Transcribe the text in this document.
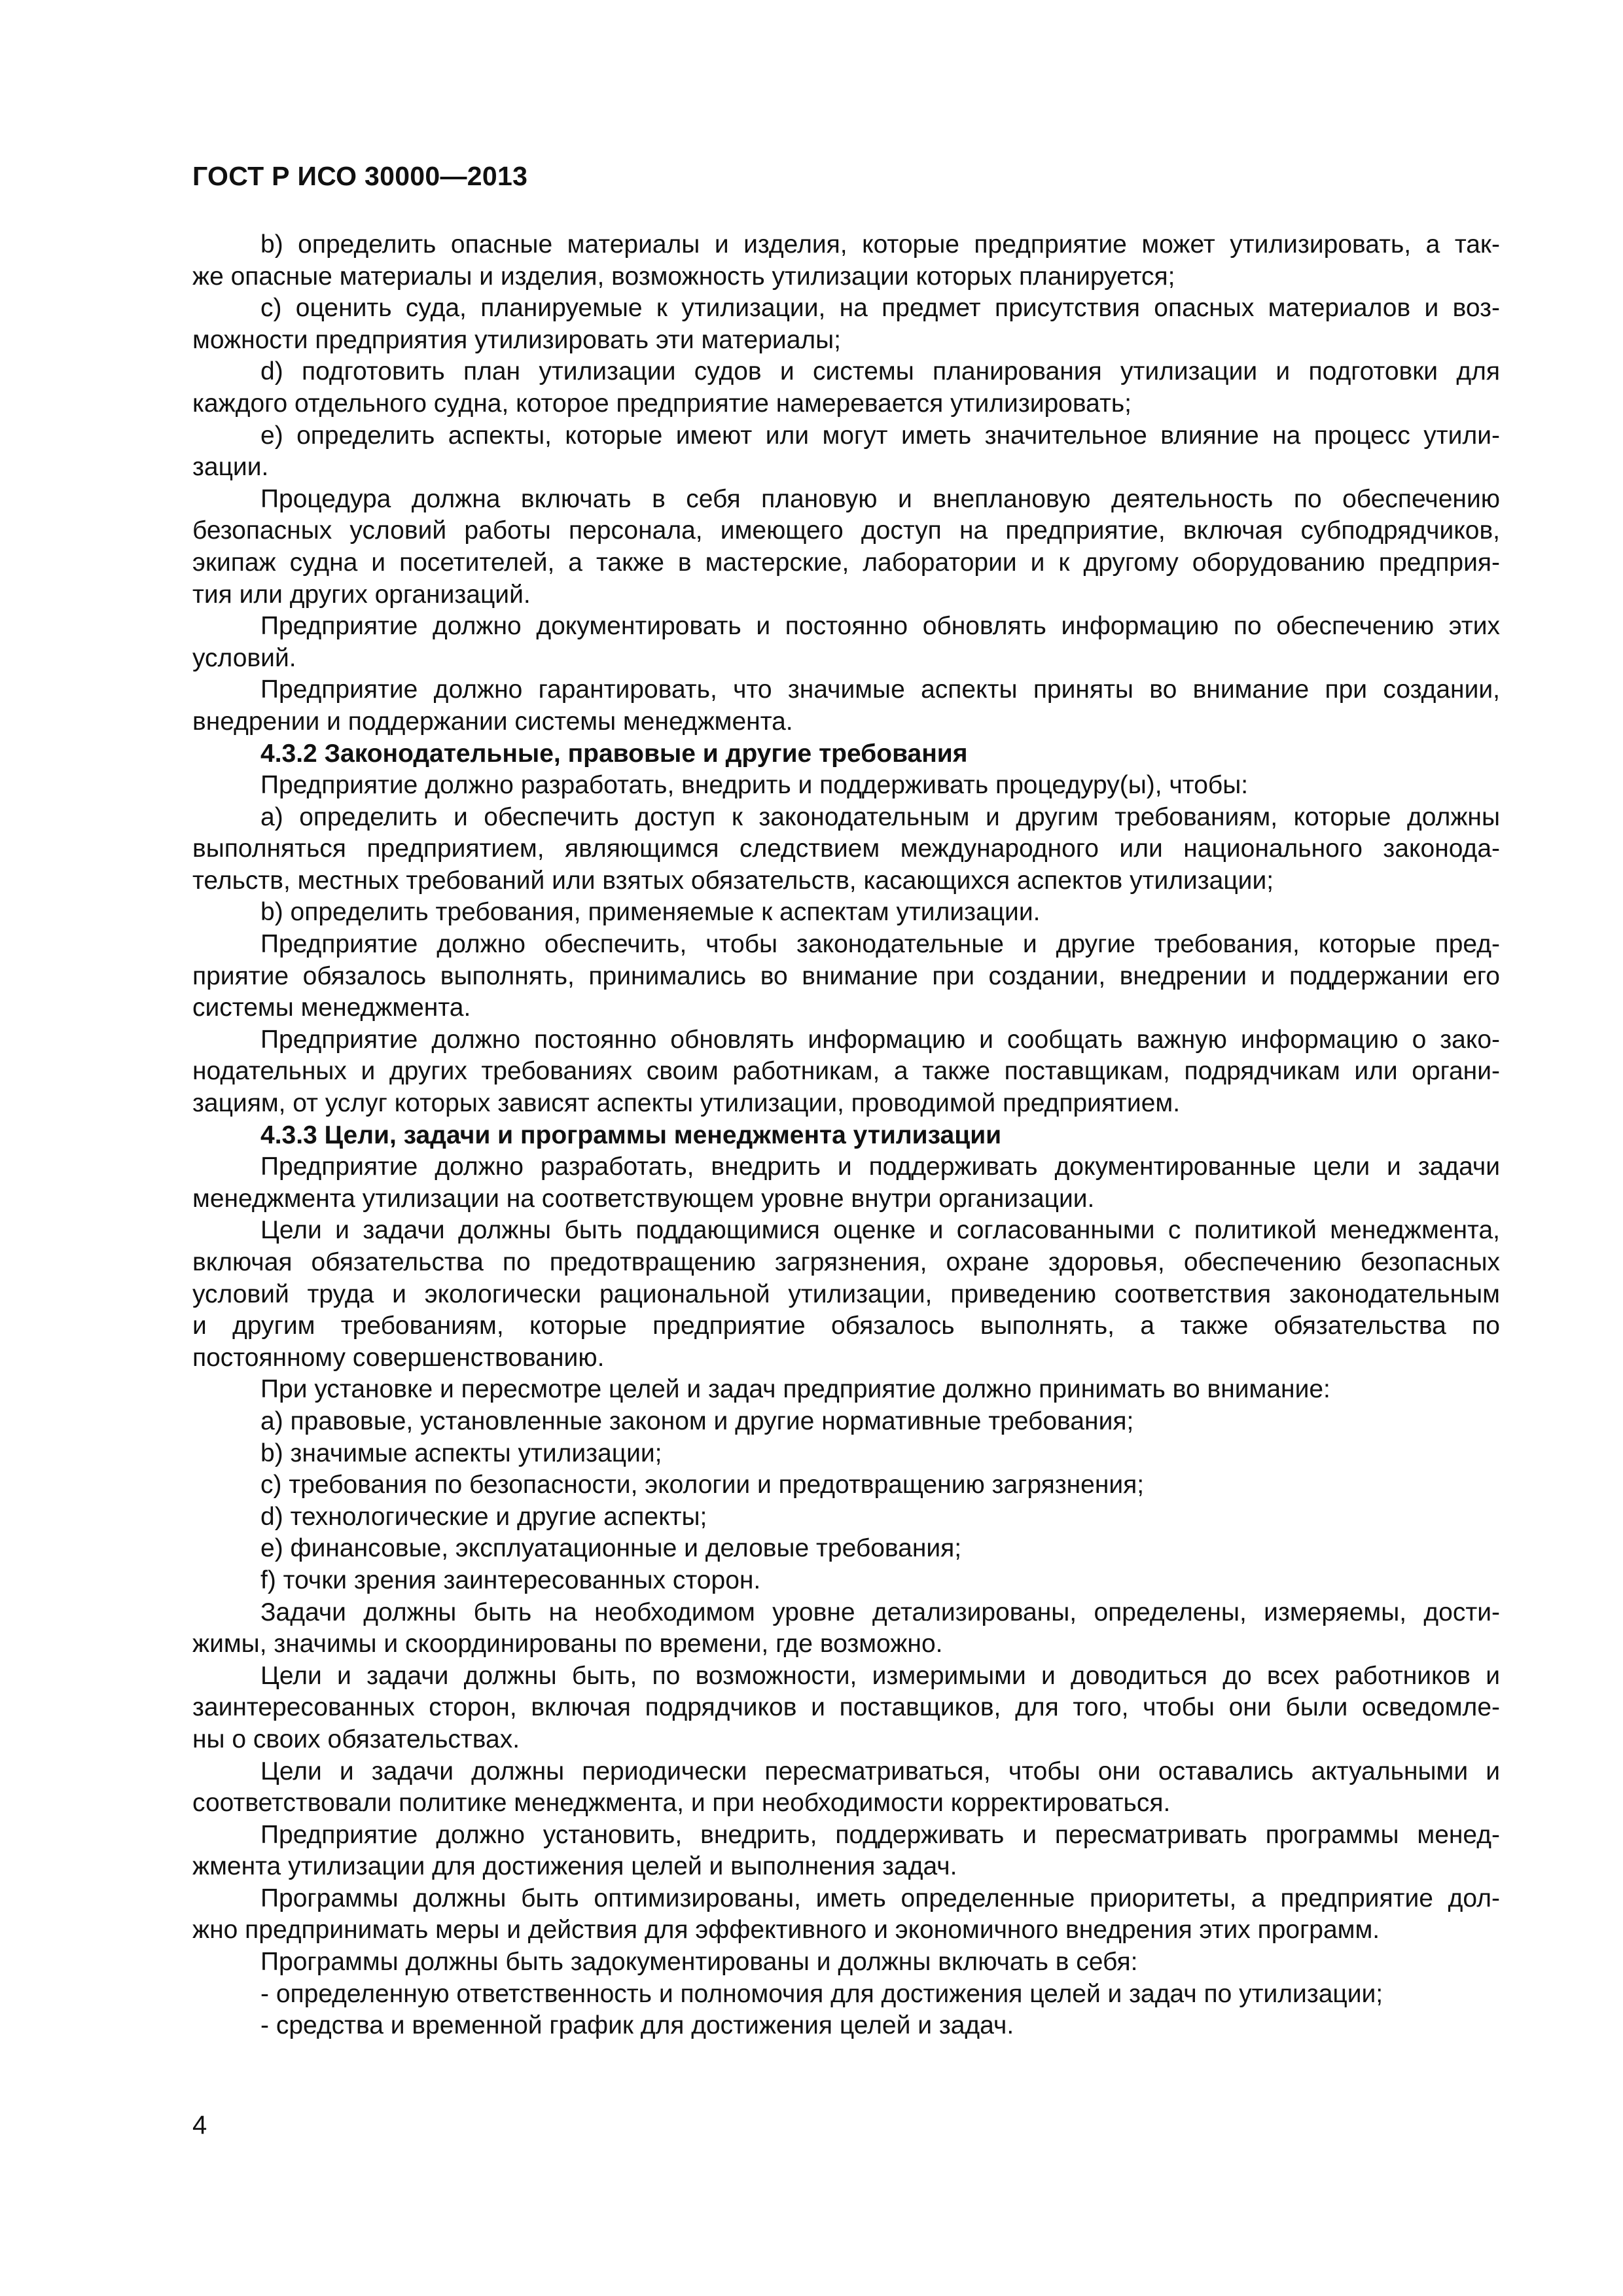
ГОСТ Р ИСО 30000—2013
b) определить опасные материалы и изделия, которые предприятие может утилизировать, а так-
же опасные материалы и изделия, возможность утилизации которых планируется;
c) оценить суда, планируемые к утилизации, на предмет присутствия опасных материалов и воз-
можности предприятия утилизировать эти материалы;
d) подготовить план утилизации судов и системы планирования утилизации и подготовки для
каждого отдельного судна, которое предприятие намеревается утилизировать;
e) определить аспекты, которые имеют или могут иметь значительное влияние на процесс утили-
зации.
Процедура должна включать в себя плановую и внеплановую деятельность по обеспечению
безопасных условий работы персонала, имеющего доступ на предприятие, включая субподрядчиков,
экипаж судна и посетителей, а также в мастерские, лаборатории и к другому оборудованию предприя-
тия или других организаций.
Предприятие должно документировать и постоянно обновлять информацию по обеспечению этих
условий.
Предприятие должно гарантировать, что значимые аспекты приняты во внимание при создании,
внедрении и поддержании системы менеджмента.
4.3.2 Законодательные, правовые и другие требования
Предприятие должно разработать, внедрить и поддерживать процедуру(ы), чтобы:
a) определить и обеспечить доступ к законодательным и другим требованиям, которые должны
выполняться предприятием, являющимся следствием международного или национального законода-
тельств, местных требований или взятых обязательств, касающихся аспектов утилизации;
b) определить требования, применяемые к аспектам утилизации.
Предприятие должно обеспечить, чтобы законодательные и другие требования, которые пред-
приятие обязалось выполнять, принимались во внимание при создании, внедрении и поддержании его
системы менеджмента.
Предприятие должно постоянно обновлять информацию и сообщать важную информацию о зако-
нодательных и других требованиях своим работникам, а также поставщикам, подрядчикам или органи-
зациям, от услуг которых зависят аспекты утилизации, проводимой предприятием.
4.3.3 Цели, задачи и программы менеджмента утилизации
Предприятие должно разработать, внедрить и поддерживать документированные цели и задачи
менеджмента утилизации на соответствующем уровне внутри организации.
Цели и задачи должны быть поддающимися оценке и согласованными с политикой менеджмента,
включая обязательства по предотвращению загрязнения, охране здоровья, обеспечению безопасных
условий труда и экологически рациональной утилизации, приведению соответствия законодательным
и другим требованиям, которые предприятие обязалось выполнять, а также обязательства по
постоянному совершенствованию.
При установке и пересмотре целей и задач предприятие должно принимать во внимание:
a) правовые, установленные законом и другие нормативные требования;
b) значимые аспекты утилизации;
c) требования по безопасности, экологии и предотвращению загрязнения;
d) технологические и другие аспекты;
e) финансовые, эксплуатационные и деловые требования;
f) точки зрения заинтересованных сторон.
Задачи должны быть на необходимом уровне детализированы, определены, измеряемы, дости-
жимы, значимы и скоординированы по времени, где возможно.
Цели и задачи должны быть, по возможности, измеримыми и доводиться до всех работников и
заинтересованных сторон, включая подрядчиков и поставщиков, для того, чтобы они были осведомле-
ны о своих обязательствах.
Цели и задачи должны периодически пересматриваться, чтобы они оставались актуальными и
соответствовали политике менеджмента, и при необходимости корректироваться.
Предприятие должно установить, внедрить, поддерживать и пересматривать программы менед-
жмента утилизации для достижения целей и выполнения задач.
Программы должны быть оптимизированы, иметь определенные приоритеты, а предприятие дол-
жно предпринимать меры и действия для эффективного и экономичного внедрения этих программ.
Программы должны быть задокументированы и должны включать в себя:
- определенную ответственность и полномочия для достижения целей и задач по утилизации;
- средства и временной график для достижения целей и задач.
4
